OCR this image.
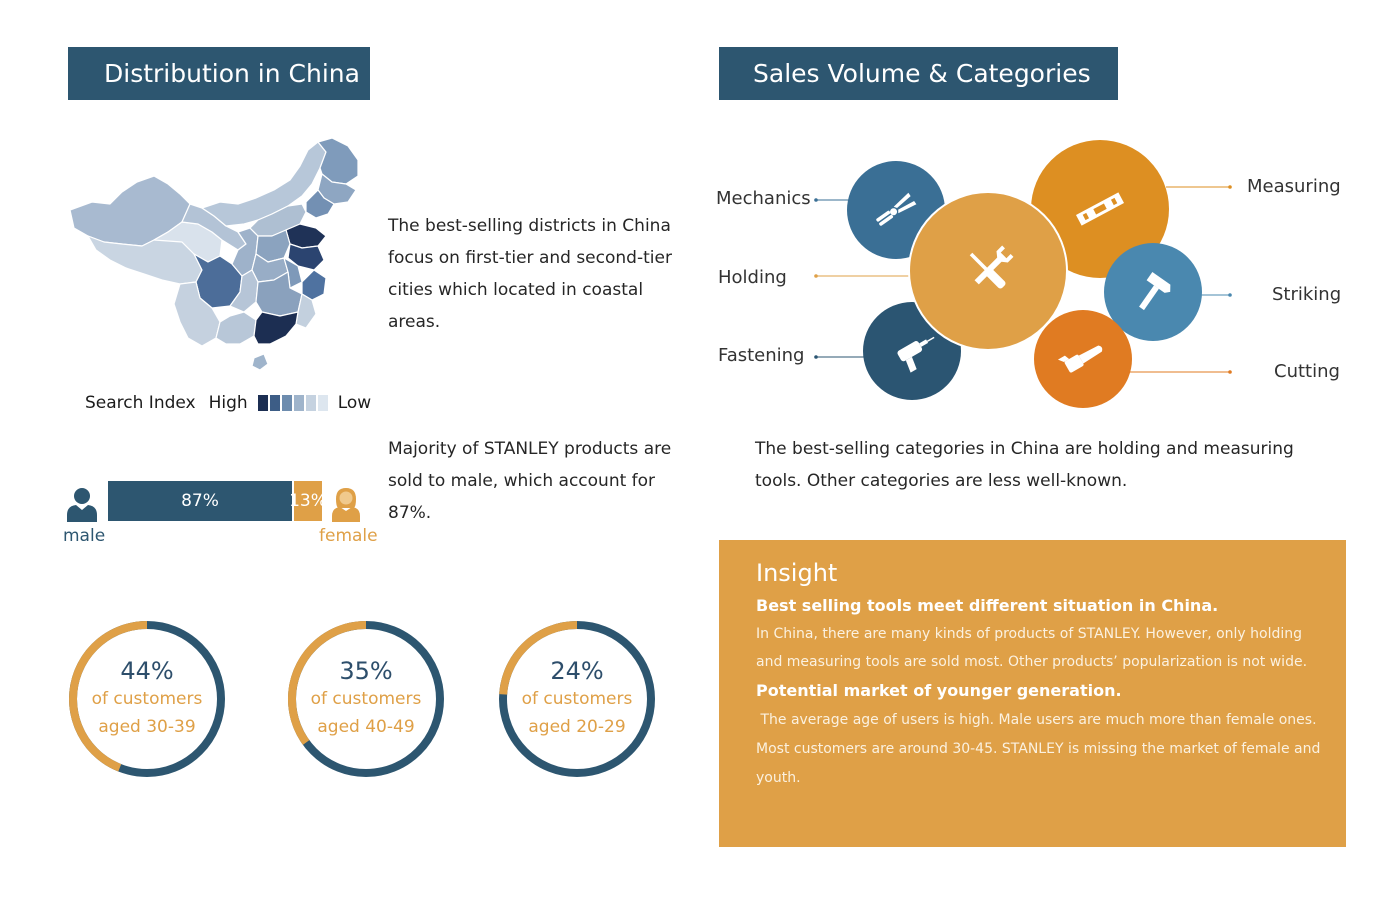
Distribution in China
The best-selling districts in China focus on first-tier and second-tier cities which located in coastal areas.
Search Index High	Low
87%	13%
male	female
Majority of STANLEY products are sold to male, which account for 87%.
44%
of customers
aged 30-39
35%
of customers
aged 40-49
24%
of customers
aged 20-29
Sales Volume & Categories
Mechanics
Holding
Fastening
Measuring
Striking
Cutting
The best-selling categories in China are holding and measuring tools. Other categories are less well-known.
Insight
Best selling tools meet different situation in China.
In China, there are many kinds of products of STANLEY. However, only holding and measuring tools are sold most. Other products’ popularization is not wide.
Potential market of younger generation.
The average age of users is high. Male users are much more than female ones. Most customers are around 30-45. STANLEY is missing the market of female and youth.
